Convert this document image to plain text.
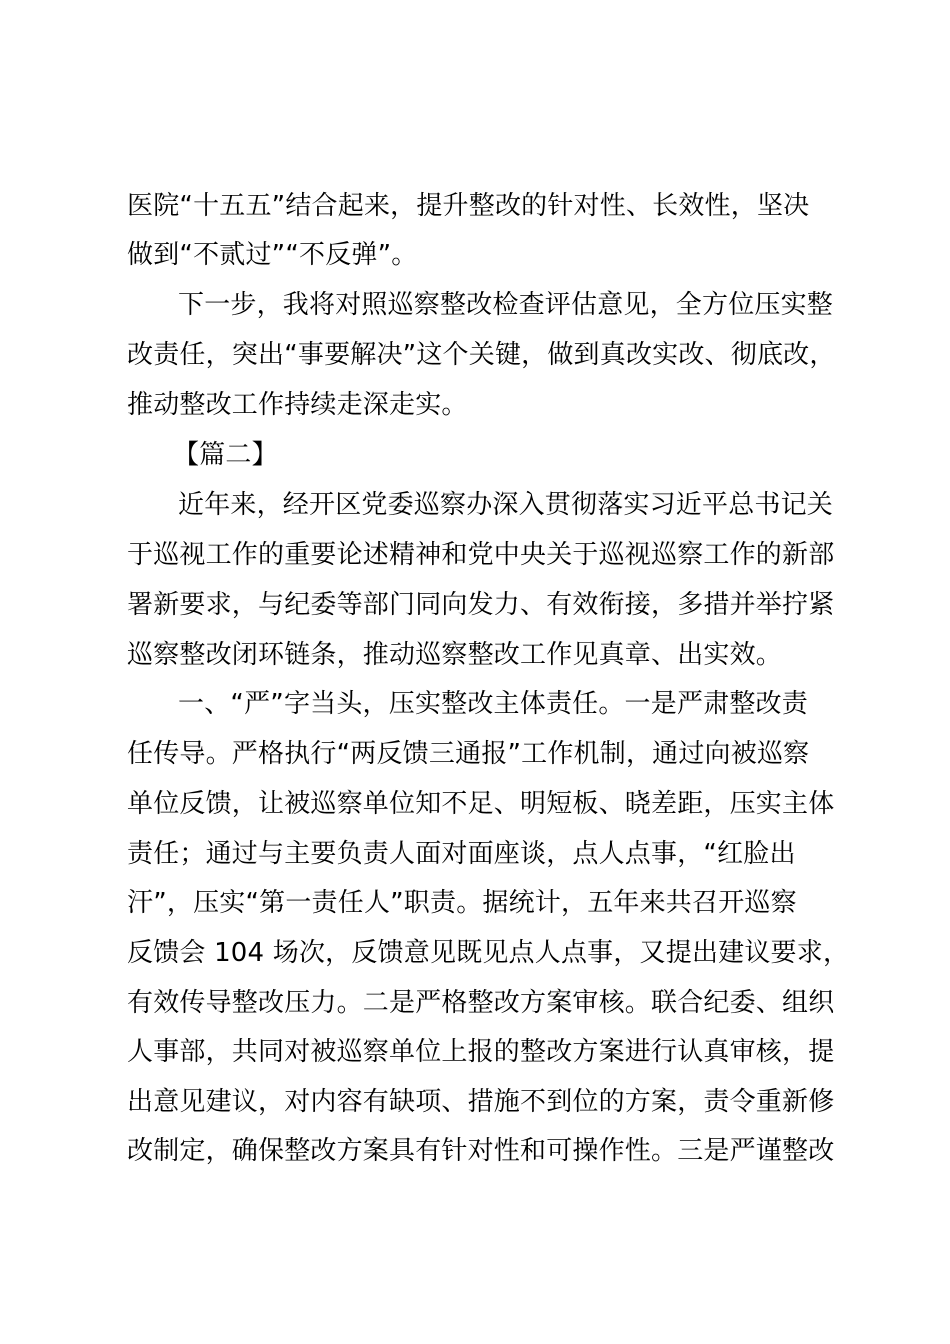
医院“十五五”结合起来，提升整改的针对性、长效性，坚决
做到“不贰过”“不反弹”。
下一步，我将对照巡察整改检查评估意见，全方位压实整
改责任，突出“事要解决”这个关键，做到真改实改、彻底改，
推动整改工作持续走深走实。
【篇二】
近年来，经开区党委巡察办深入贯彻落实习近平总书记关
于巡视工作的重要论述精神和党中央关于巡视巡察工作的新部
署新要求，与纪委等部门同向发力、有效衔接，多措并举拧紧
巡察整改闭环链条，推动巡察整改工作见真章、出实效。
一、“严”字当头，压实整改主体责任。一是严肃整改责
任传导。严格执行“两反馈三通报”工作机制，通过向被巡察
单位反馈，让被巡察单位知不足、明短板、晓差距，压实主体
责任；通过与主要负责人面对面座谈，点人点事，“红脸出
汗”，压实“第一责任人”职责。据统计，五年来共召开巡察
反馈会 104 场次，反馈意见既见点人点事，又提出建议要求，
有效传导整改压力。二是严格整改方案审核。联合纪委、组织
人事部，共同对被巡察单位上报的整改方案进行认真审核，提
出意见建议，对内容有缺项、措施不到位的方案，责令重新修
改制定，确保整改方案具有针对性和可操作性。三是严谨整改
